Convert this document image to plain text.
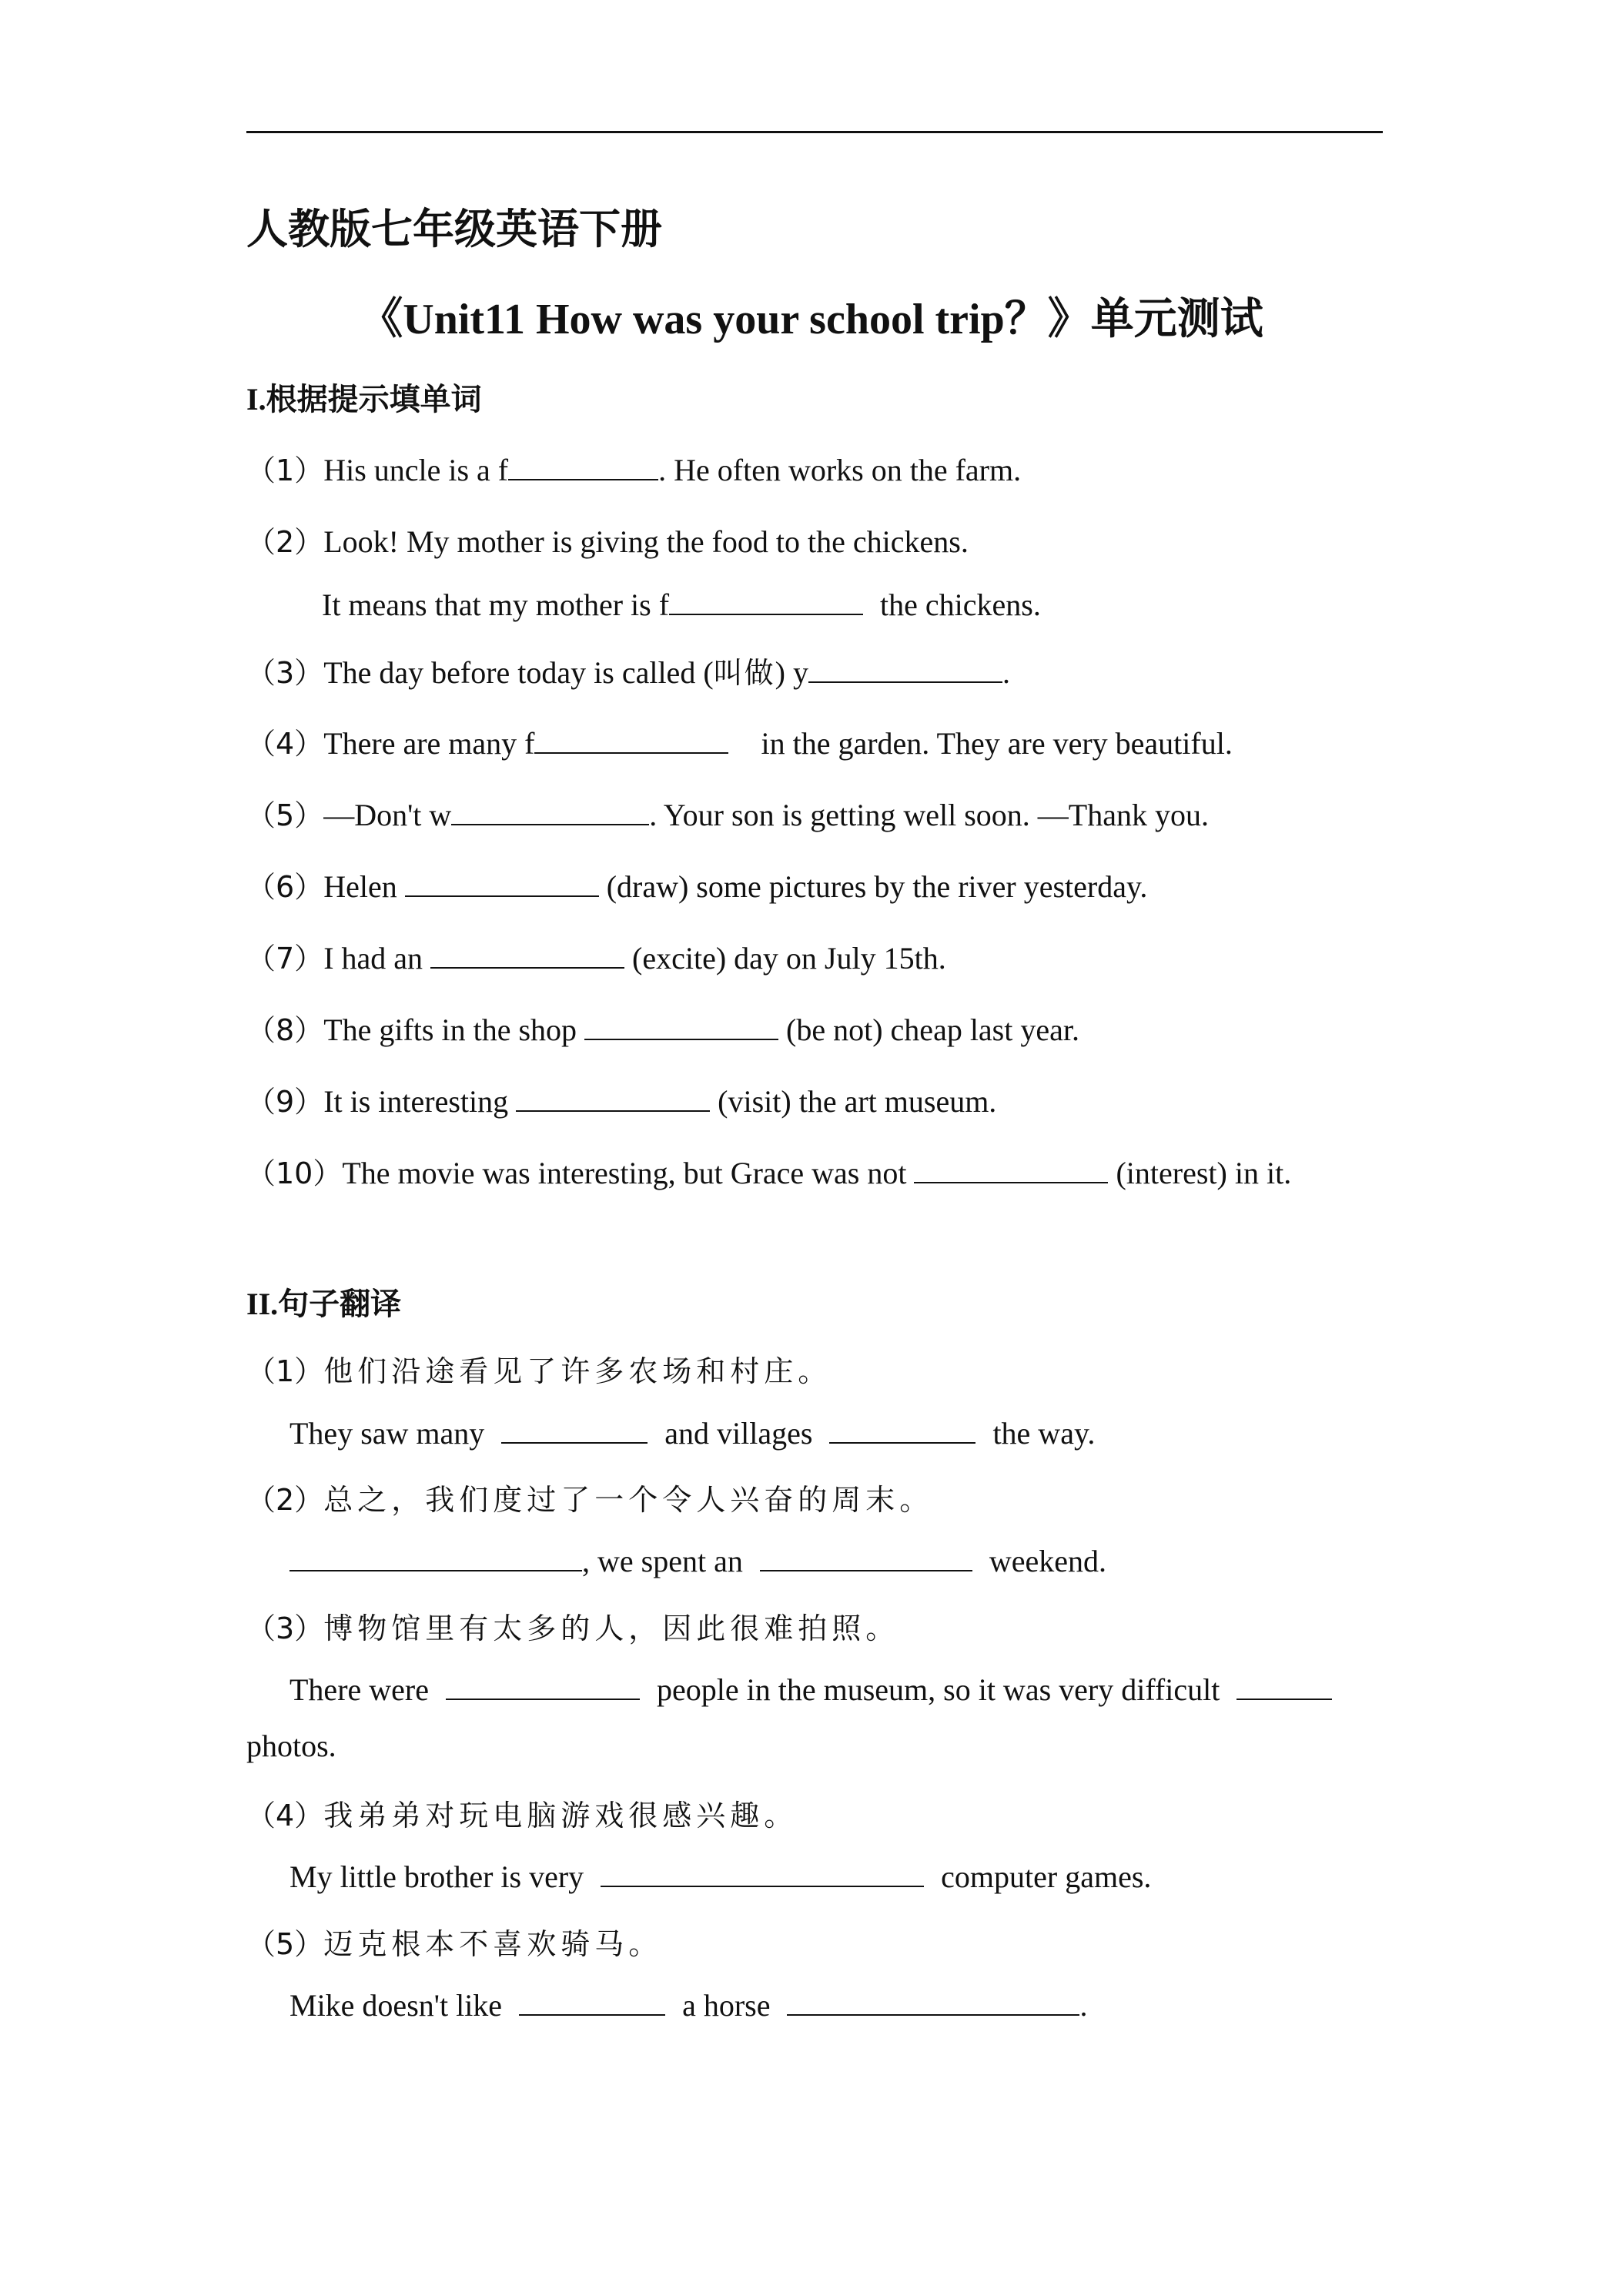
人教版七年级英语下册
《Unit11 How was your school trip？》单元测试
I.根据提示填单词
（1）His uncle is a f	. He often works on the farm.
（2）Look! My mother is giving the food to the chickens.
It means that my mother is f	the chickens.
（3）The day before today is called (叫做) y	.
（4）There are many f	in the garden. They are very beautiful.
（5）—Don't w	. Your son is getting well soon. —Thank you.
（6）Helen	(draw) some pictures by the river yesterday.
（7）I had an	(excite) day on July 15th.
（8）The gifts in the shop	(be not) cheap last year.
（9）It is interesting	(visit) the art museum.
（10）The movie was interesting, but Grace was not	(interest) in it.
II.句子翻译
（1）他们沿途看见了许多农场和村庄。
They saw many	and villages	the way.
（2）总之，我们度过了一个令人兴奋的周末。
, we spent an	weekend.
（3）博物馆里有太多的人，因此很难拍照。
There were	people in the museum, so it was very difficult
photos.
（4）我弟弟对玩电脑游戏很感兴趣。
My little brother is very	computer games.
（5）迈克根本不喜欢骑马。
Mike doesn't like	a horse	.
